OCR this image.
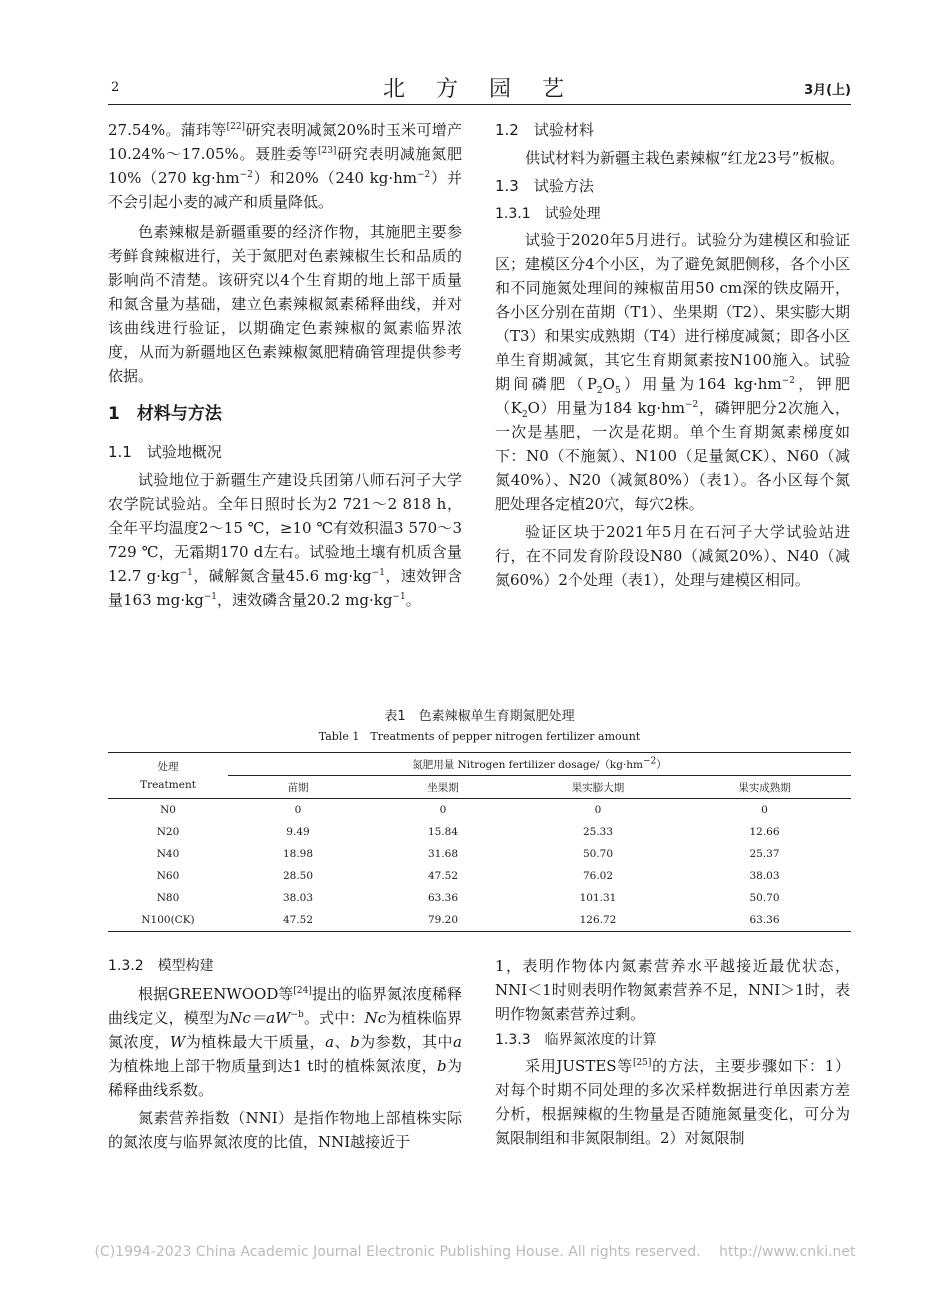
2	北 方 园 艺	3月(上)

27.54%。蒲玮等[22]研究表明减氮20%时玉米可增产10.24%～17.05%。聂胜委等[23]研究表明减施氮肥10%（270 $kg\cdot hm^{-2}$）和20%（240 $kg\cdot hm^{-2}$）并不会引起小麦的减产和质量降低。

色素辣椒是新疆重要的经济作物，其施肥主要参考鲜食辣椒进行，关于氮肥对色素辣椒生长和品质的影响尚不清楚。该研究以4个生育期的地上部干质量和氮含量为基础，建立色素辣椒氮素稀释曲线，并对该曲线进行验证，以期确定色素辣椒的氮素临界浓度，从而为新疆地区色素辣椒氮肥精确管理提供参考依据。

1　材料与方法

1.1　试验地概况

试验地位于新疆生产建设兵团第八师石河子大学农学院试验站。全年日照时长为2 721～2 818 h，全年平均温度2～15 ℃，≥10 ℃有效积温3 570～3 729 ℃，无霜期170 d左右。试验地土壤有机质含量12.7 $g\cdot kg^{-1}$，碱解氮含量45.6 $mg\cdot kg^{-1}$，速效钾含量163 $mg\cdot kg^{-1}$，速效磷含量20.2 $mg\cdot kg^{-1}$。

1.2　试验材料

供试材料为新疆主栽色素辣椒“红龙23号”板椒。

1.3　试验方法

1.3.1　试验处理

试验于2020年5月进行。试验分为建模区和验证区；建模区分4个小区，为了避免氮肥侧移，各个小区和不同施氮处理间的辣椒苗用50 cm深的铁皮隔开，各小区分别在苗期（T1）、坐果期（T2）、果实膨大期（T3）和果实成熟期（T4）进行梯度减氮；即各小区单生育期减氮，其它生育期氮素按N100施入。试验期间磷肥$(P_2O_5)$用量为164 $kg\cdot hm^{-2}$，钾肥$(K_2O)$用量为184 $kg\cdot hm^{-2}$，磷钾肥分2次施入，一次是基肥，一次是花期。单个生育期氮素梯度如下：N0（不施氮）、N100（足量氮CK）、N60（减氮40%）、N20（减氮80%）（表1）。各小区每个氮肥处理各定植20穴，每穴2株。

验证区块于2021年5月在石河子大学试验站进行，在不同发育阶段设N80（减氮20%）、N40（减氮60%）2个处理（表1），处理与建模区相同。

表1　色素辣椒单生育期氮肥处理
Table 1　Treatments of pepper nitrogen fertilizer amount
处理
Treatment	氮肥用量 Nitrogen fertilizer dosage/（kg·hm−2）			
	苗期	坐果期	果实膨大期	果实成熟期
N0	0	0	0	0
N20	9.49	15.84	25.33	12.66
N40	18.98	31.68	50.70	25.37
N60	28.50	47.52	76.02	38.03
N80	38.03	63.36	101.31	50.70
N100(CK)	47.52	79.20	126.72	63.36

1.3.2　模型构建

根据GREENWOOD等[24]提出的临界氮浓度稀释曲线定义，模型为$Nc=aW^{-b}$。式中：Nc为植株临界氮浓度，W为植株最大干质量，a、b为参数，其中a为植株地上部干物质量到达1 t时的植株氮浓度，b为稀释曲线系数。

氮素营养指数（NNI）是指作物地上部植株实际的氮浓度与临界氮浓度的比值，NNI越接近于

1，表明作物体内氮素营养水平越接近最优状态，NNI＜1时则表明作物氮素营养不足，NNI＞1时，表明作物氮素营养过剩。

1.3.3　临界氮浓度的计算

采用JUSTES等[25]的方法，主要步骤如下：1）对每个时期不同处理的多次采样数据进行单因素方差分析，根据辣椒的生物量是否随施氮量变化，可分为氮限制组和非氮限制组。2）对氮限制

(C)1994-2023 China Academic Journal Electronic Publishing House. All rights reserved.　 http://www.cnki.net
